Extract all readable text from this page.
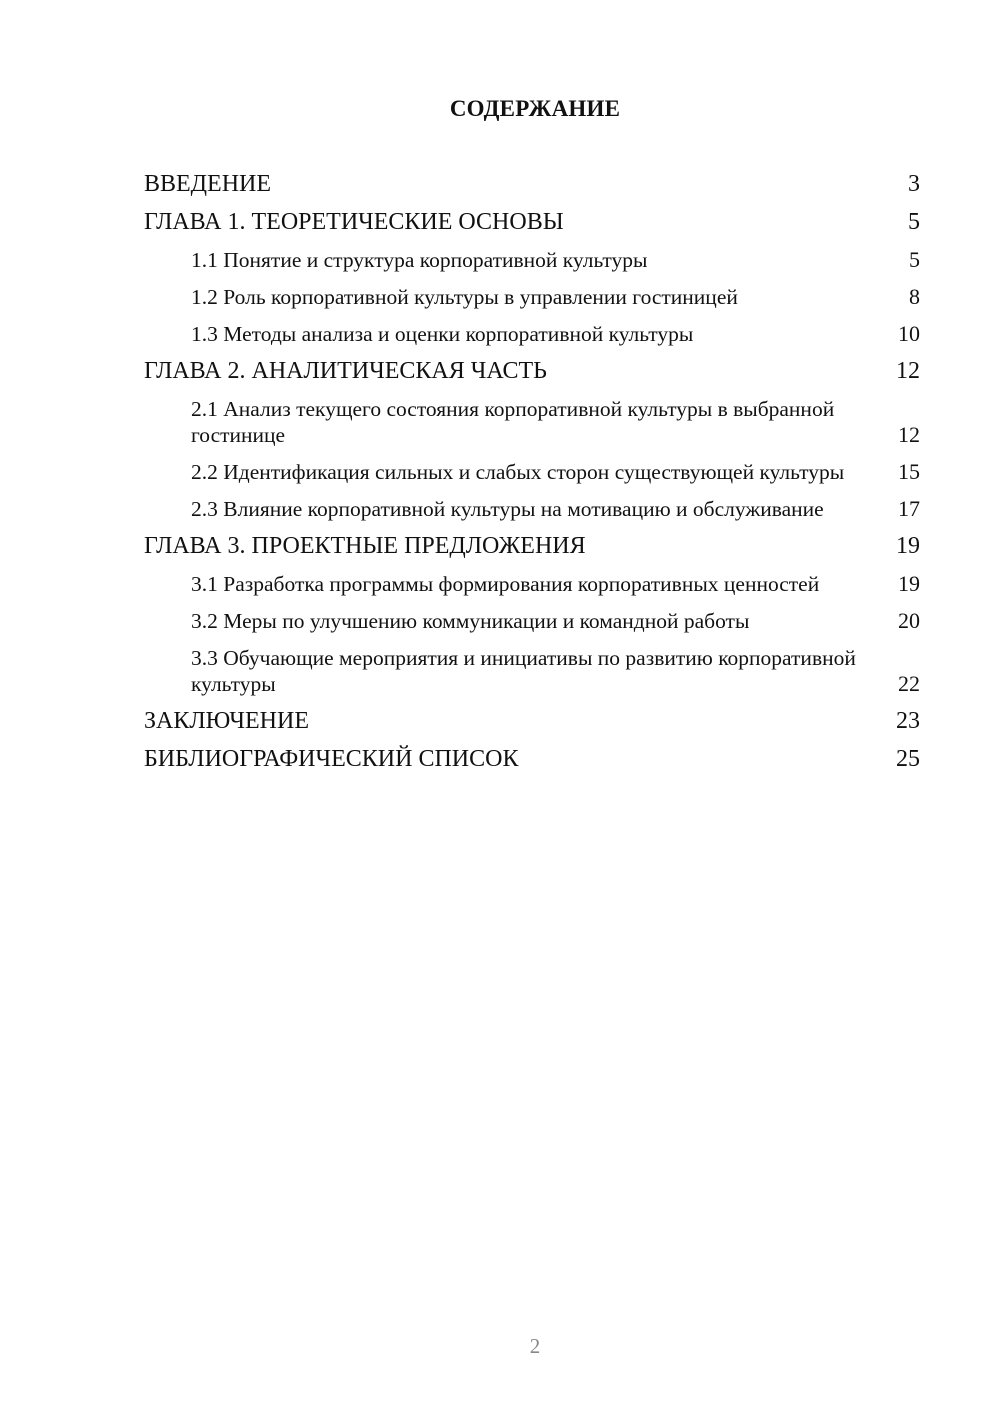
СОДЕРЖАНИЕ
ВВЕДЕНИЕ	3
ГЛАВА 1. ТЕОРЕТИЧЕСКИЕ ОСНОВЫ	5
1.1 Понятие и структура корпоративной культуры	5
1.2 Роль корпоративной культуры в управлении гостиницей	8
1.3 Методы анализа и оценки корпоративной культуры	10
ГЛАВА 2. АНАЛИТИЧЕСКАЯ ЧАСТЬ	12
2.1 Анализ текущего состояния корпоративной культуры в выбранной гостинице	12
2.2 Идентификация сильных и слабых сторон существующей культуры	15
2.3 Влияние корпоративной культуры на мотивацию и обслуживание	17
ГЛАВА 3. ПРОЕКТНЫЕ ПРЕДЛОЖЕНИЯ	19
3.1 Разработка программы формирования корпоративных ценностей	19
3.2 Меры по улучшению коммуникации и командной работы	20
3.3 Обучающие мероприятия и инициативы по развитию корпоративной культуры	22
ЗАКЛЮЧЕНИЕ	23
БИБЛИОГРАФИЧЕСКИЙ СПИСОК	25
2
